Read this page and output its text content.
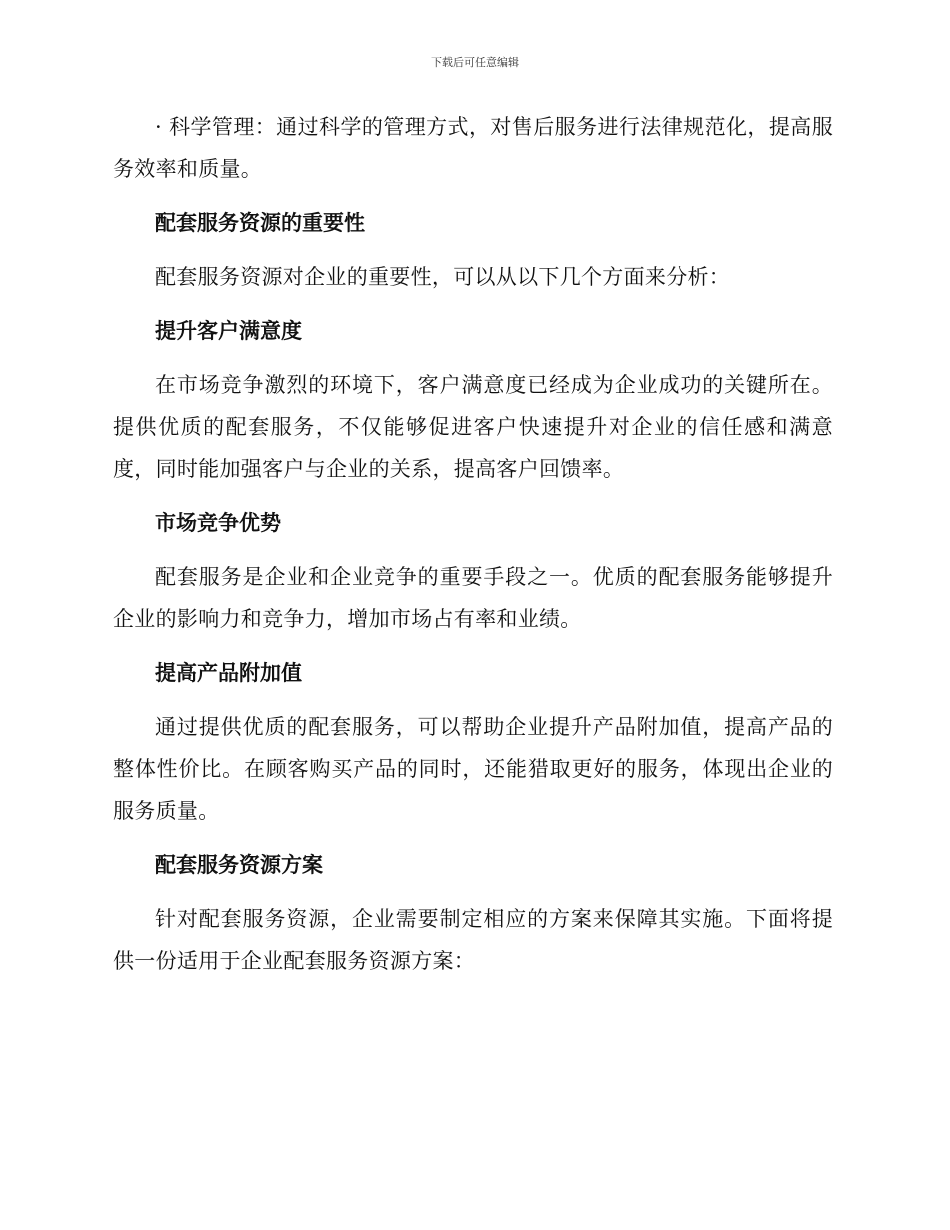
下载后可任意编辑

· 科学管理：通过科学的管理方式，对售后服务进行法律规范化，提高服务效率和质量。

配套服务资源的重要性

配套服务资源对企业的重要性，可以从以下几个方面来分析：

提升客户满意度

在市场竞争激烈的环境下，客户满意度已经成为企业成功的关键所在。提供优质的配套服务，不仅能够促进客户快速提升对企业的信任感和满意度，同时能加强客户与企业的关系，提高客户回馈率。

市场竞争优势

配套服务是企业和企业竞争的重要手段之一。优质的配套服务能够提升企业的影响力和竞争力，增加市场占有率和业绩。

提高产品附加值

通过提供优质的配套服务，可以帮助企业提升产品附加值，提高产品的整体性价比。在顾客购买产品的同时，还能猎取更好的服务，体现出企业的服务质量。

配套服务资源方案

针对配套服务资源，企业需要制定相应的方案来保障其实施。下面将提供一份适用于企业配套服务资源方案：
